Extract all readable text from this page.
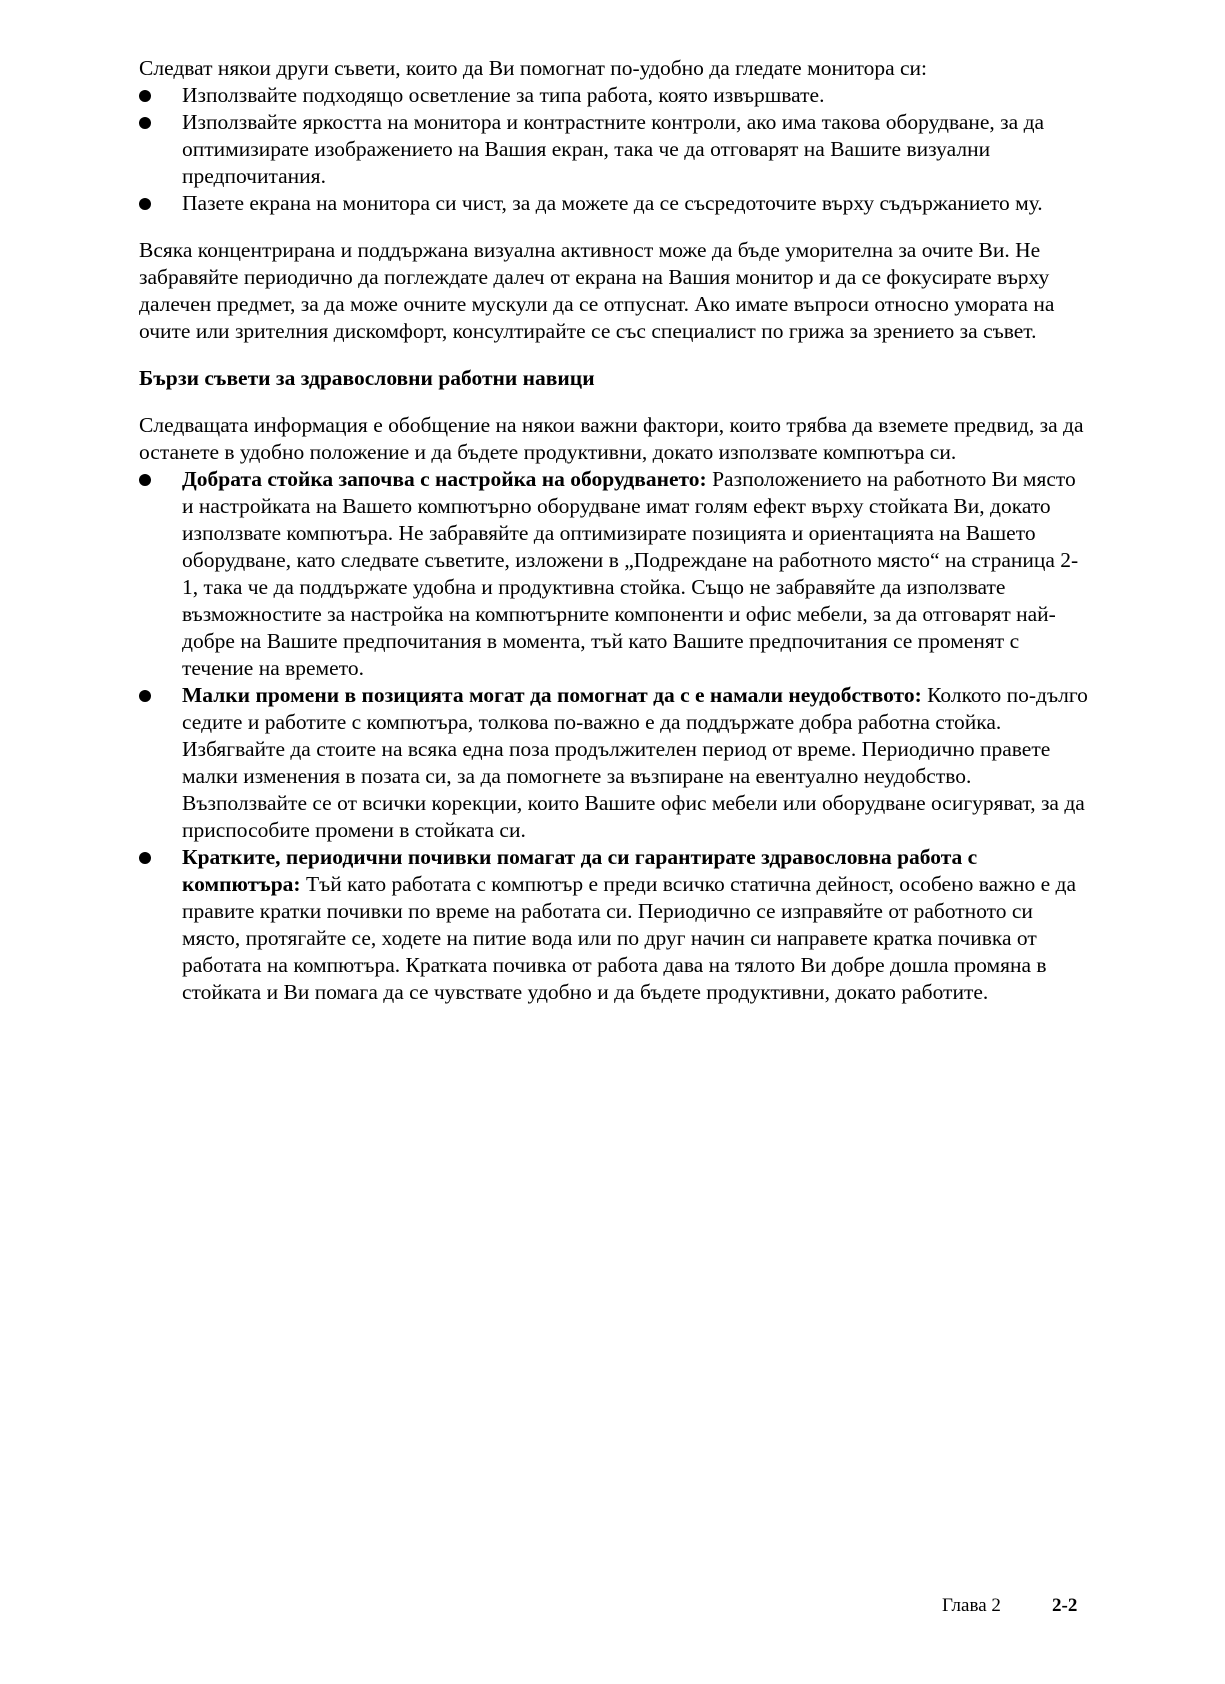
Следват някои други съвети, които да Ви помогнат по-удобно да гледате монитора си:

Използвайте подходящо осветление за типа работа, която извършвате.
Използвайте яркостта на монитора и контрастните контроли, ако има такова оборудване, за да оптимизирате изображението на Вашия екран, така че да отговарят на Вашите визуални предпочитания.
Пазете екрана на монитора си чист, за да можете да се съсредоточите върху съдържанието му.

Всяка концентрирана и поддържана визуална активност може да бъде уморителна за очите Ви. Не забравяйте периодично да поглеждате далеч от екрана на Вашия монитор и да се фокусирате върху далечен предмет, за да може очните мускули да се отпуснат. Ако имате въпроси относно умората на очите или зрителния дискомфорт, консултирайте се със специалист по грижа за зрението за съвет.

Бързи съвети за здравословни работни навици

Следващата информация е обобщение на някои важни фактори, които трябва да вземете предвид, за да останете в удобно положение и да бъдете продуктивни, докато използвате компютъра си.

Добрата стойка започва с настройка на оборудването: Разположението на работното Ви място и настройката на Вашето компютърно оборудване имат голям ефект върху стойката Ви, докато използвате компютъра. Не забравяйте да оптимизирате позицията и ориентацията на Вашето оборудване, като следвате съветите, изложени в „Подреждане на работното място“ на страница 2-1, така че да поддържате удобна и продуктивна стойка. Също не забравяйте да използвате възможностите за настройка на компютърните компоненти и офис мебели, за да отговарят най-добре на Вашите предпочитания в момента, тъй като Вашите предпочитания се променят с течение на времето.
Малки промени в позицията могат да помогнат да с е намали неудобството: Колкото по-дълго седите и работите с компютъра, толкова по-важно е да поддържате добра работна стойка. Избягвайте да стоите на всяка една поза продължителен период от време. Периодично правете малки изменения в позата си, за да помогнете за възпиране на евентуално неудобство. Възползвайте се от всички корекции, които Вашите офис мебели или оборудване осигуряват, за да приспособите промени в стойката си.
Кратките, периодични почивки помагат да си гарантирате здравословна работа с компютъра: Тъй като работата с компютър е преди всичко статична дейност, особено важно е да правите кратки почивки по време на работата си. Периодично се изправяйте от работното си място, протягайте се, ходете на питие вода или по друг начин си направете кратка почивка от работата на компютъра. Кратката почивка от работа дава на тялото Ви добре дошла промяна в стойката и Ви помага да се чувствате удобно и да бъдете продуктивни, докато работите.
Глава 2	2-2
